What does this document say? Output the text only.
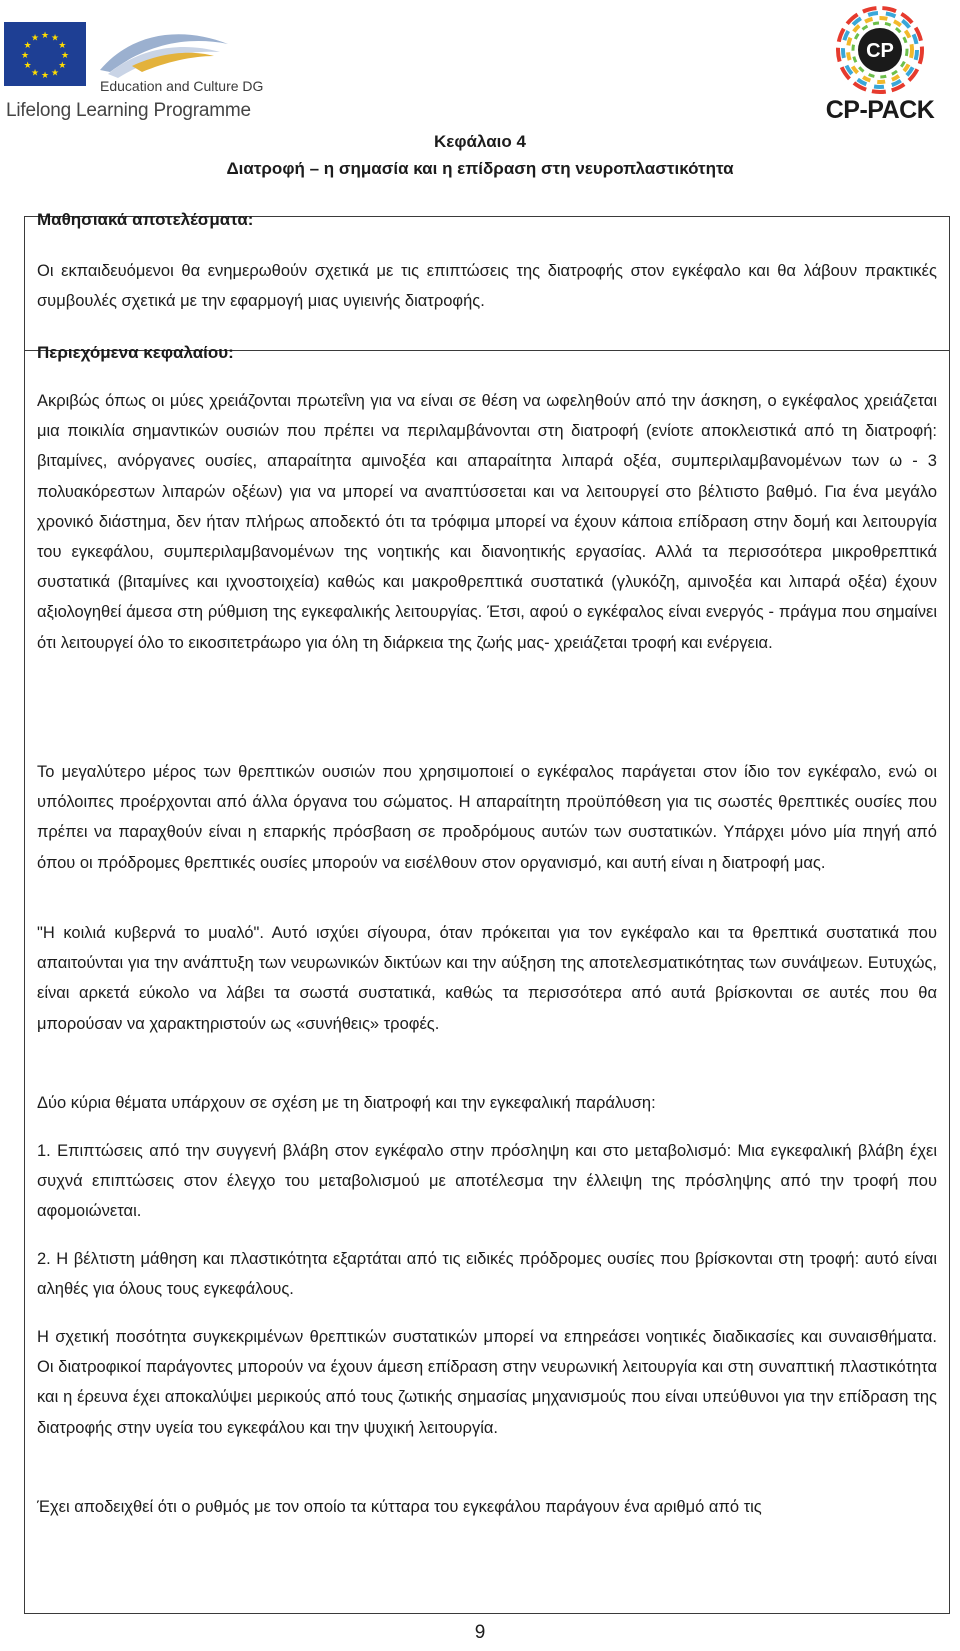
★
★
★
★
★
★
★
★
★ ★ ★
★
Education and Culture DG
Lifelong Learning Programme
CP
CP-PACK
Κεφάλαιο 4
Διατροφή – η σημασία και η επίδραση στη νευροπλαστικότητα
Μαθησιακά αποτελέσματα:
Οι εκπαιδευόμενοι θα ενημερωθούν σχετικά με τις επιπτώσεις της διατροφής στον εγκέφαλο και θα λάβουν πρακτικές συμβουλές σχετικά με την εφαρμογή μιας υγιεινής διατροφής.
Περιεχόμενα κεφαλαίου:
Ακριβώς όπως οι μύες χρειάζονται πρωτεΐνη για να είναι σε θέση να ωφεληθούν από την άσκηση, ο εγκέφαλος χρειάζεται μια ποικιλία σημαντικών ουσιών που πρέπει να περιλαμβάνονται στη διατροφή (ενίοτε αποκλειστικά από τη διατροφή: βιταμίνες, ανόργανες ουσίες, απαραίτητα αμινοξέα και απαραίτητα λιπαρά οξέα, συμπεριλαμβανομένων των ω - 3 πολυακόρεστων λιπαρών οξέων) για να μπορεί να αναπτύσσεται και να λειτουργεί στο βέλτιστο βαθμό. Για ένα μεγάλο χρονικό διάστημα, δεν ήταν πλήρως αποδεκτό ότι τα τρόφιμα μπορεί να έχουν κάποια επίδραση στην δομή και λειτουργία του εγκεφάλου, συμπεριλαμβανομένων της νοητικής και διανοητικής εργασίας. Αλλά τα περισσότερα μικροθρεπτικά συστατικά (βιταμίνες και ιχνοστοιχεία) καθώς και μακροθρεπτικά συστατικά (γλυκόζη, αμινοξέα και λιπαρά οξέα) έχουν αξιολογηθεί άμεσα στη ρύθμιση της εγκεφαλικής λειτουργίας. Έτσι, αφού ο εγκέφαλος είναι ενεργός - πράγμα που σημαίνει ότι λειτουργεί όλο το εικοσιτετράωρο για όλη τη διάρκεια της ζωής μας- χρειάζεται τροφή και ενέργεια.
Το μεγαλύτερο μέρος των θρεπτικών ουσιών που χρησιμοποιεί ο εγκέφαλος παράγεται στον ίδιο τον εγκέφαλο, ενώ οι υπόλοιπες προέρχονται από άλλα όργανα του σώματος. Η απαραίτητη προϋπόθεση για τις σωστές θρεπτικές ουσίες που πρέπει να παραχθούν είναι η επαρκής πρόσβαση σε προδρόμους αυτών των συστατικών. Υπάρχει μόνο μία πηγή από όπου οι πρόδρομες θρεπτικές ουσίες μπορούν να εισέλθουν στον οργανισμό, και αυτή είναι η διατροφή μας.
"Η κοιλιά κυβερνά το μυαλό". Αυτό ισχύει σίγουρα, όταν πρόκειται για τον εγκέφαλο και τα θρεπτικά συστατικά που απαιτούνται για την ανάπτυξη των νευρωνικών δικτύων και την αύξηση της αποτελεσματικότητας των συνάψεων. Ευτυχώς, είναι αρκετά εύκολο να λάβει τα σωστά συστατικά, καθώς τα περισσότερα από αυτά βρίσκονται σε αυτές που θα μπορούσαν να χαρακτηριστούν ως «συνήθεις» τροφές.
Δύο κύρια θέματα υπάρχουν σε σχέση με τη διατροφή και την εγκεφαλική παράλυση:
1. Επιπτώσεις από την συγγενή βλάβη στον εγκέφαλο στην πρόσληψη και στο μεταβολισμό: Μια εγκεφαλική βλάβη έχει συχνά επιπτώσεις στον έλεγχο του μεταβολισμού με αποτέλεσμα την έλλειψη της πρόσληψης από την τροφή που αφομοιώνεται.
2. Η βέλτιστη μάθηση και πλαστικότητα εξαρτάται από τις ειδικές πρόδρομες ουσίες που βρίσκονται στη τροφή: αυτό είναι αληθές για όλους τους εγκεφάλους.
Η σχετική ποσότητα συγκεκριμένων θρεπτικών συστατικών μπορεί να επηρεάσει νοητικές διαδικασίες και συναισθήματα. Οι διατροφικοί παράγοντες μπορούν να έχουν άμεση επίδραση στην νευρωνική λειτουργία και στη συναπτική πλαστικότητα και η έρευνα έχει αποκαλύψει μερικούς από τους ζωτικής σημασίας μηχανισμούς που είναι υπεύθυνοι για την επίδραση της διατροφής στην υγεία του εγκεφάλου και την ψυχική λειτουργία.
Έχει αποδειχθεί ότι ο ρυθμός με τον οποίο τα κύτταρα του εγκεφάλου παράγουν ένα αριθμό από τις
9
